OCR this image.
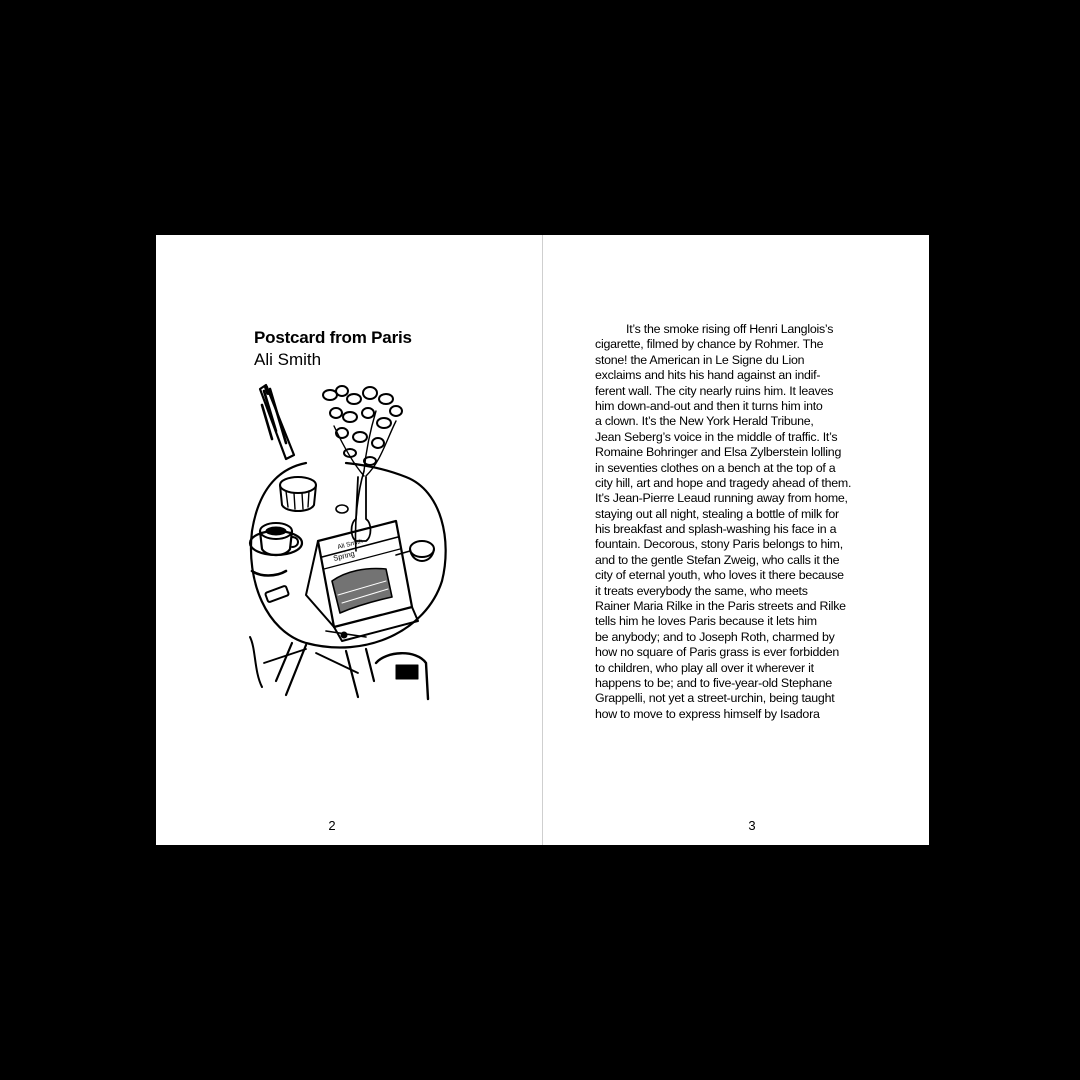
Postcard from Paris
Ali Smith
Ali Smith
Spring
2
It’s the smoke rising off Henri Langlois’s
cigarette, filmed by chance by Rohmer. The
stone! the American in Le Signe du Lion
exclaims and hits his hand against an indif-
ferent wall. The city nearly ruins him. It leaves
him down-and-out and then it turns him into
a clown. It’s the New York Herald Tribune,
Jean Seberg’s voice in the middle of traffic. It’s
Romaine Bohringer and Elsa Zylberstein lolling
in seventies clothes on a bench at the top of a
city hill, art and hope and tragedy ahead of them.
It’s Jean-Pierre Leaud running away from home,
staying out all night, stealing a bottle of milk for
his breakfast and splash-washing his face in a
fountain. Decorous, stony Paris belongs to him,
and to the gentle Stefan Zweig, who calls it the
city of eternal youth, who loves it there because
it treats everybody the same, who meets
Rainer Maria Rilke in the Paris streets and Rilke
tells him he loves Paris because it lets him
be anybody; and to Joseph Roth, charmed by
how no square of Paris grass is ever forbidden
to children, who play all over it wherever it
happens to be; and to five-year-old Stephane
Grappelli, not yet a street-urchin, being taught
how to move to express himself by Isadora
3
